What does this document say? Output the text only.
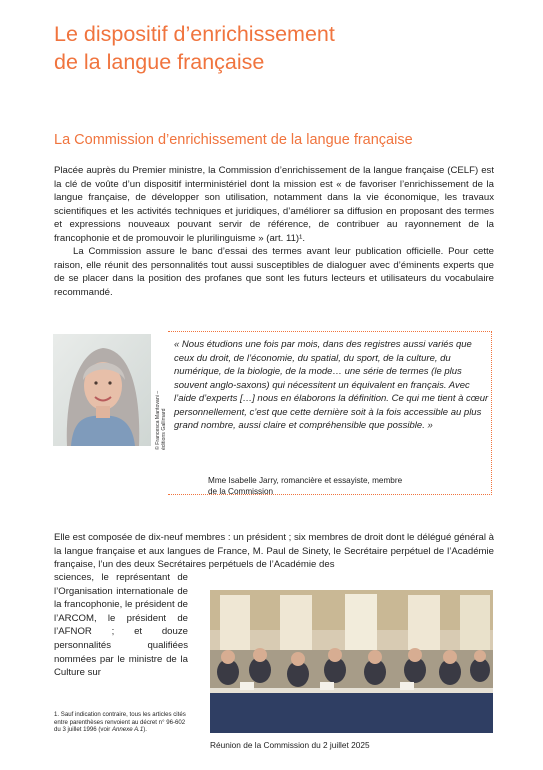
Le dispositif d’enrichissement
de la langue française
La Commission d’enrichissement de la langue française

Placée auprès du Premier ministre, la Commission d’enrichissement de la langue française (CELF) est la clé de voûte d’un dispositif interministériel dont la mission est « de favoriser l’enrichissement de la langue française, de développer son utilisation, notamment dans la vie économique, les travaux scientifiques et les activités techniques et juridiques, d’améliorer sa diffusion en proposant des termes et expressions nouveaux pouvant servir de référence, de contribuer au rayonnement de la francophonie et de promouvoir le plurilinguisme » (art. 11)¹.

La Commission assure le banc d’essai des termes avant leur publication officielle. Pour cette raison, elle réunit des personnalités tout aussi susceptibles de dialoguer avec d’éminents experts que de se placer dans la position des profanes que sont les futurs lecteurs et utilisateurs du vocabulaire recommandé.

© Francesca Mantovani –
éditions Gallimard

« Nous étudions une fois par mois, dans des registres aussi variés que ceux du droit, de l’économie, du spatial, du sport, de la culture, du numérique, de la biologie, de la mode… une série de termes (le plus souvent anglo-saxons) qui nécessitent un équivalent en français. Avec l’aide d’experts […] nous en élaborons la définition. Ce qui me tient à cœur personnellement, c’est que cette dernière soit à la fois accessible au plus grand nombre, aussi claire et compréhensible que possible. »

Mme Isabelle Jarry, romancière et essayiste, membre
de la Commission

Elle est composée de dix-neuf membres : un président ; six membres de droit dont le délégué général à la langue française et aux langues de France, M. Paul de Sinety, le Secrétaire perpétuel de l’Académie française, l’un des deux Secrétaires perpétuels de l’Académie des

sciences, le représentant de l’Organisation internationale de la francophonie, le président de l’ARCOM, le président de l’AFNOR ; et douze personnalités qualifiées nommées par le ministre de la Culture sur

1. Sauf indication contraire, tous les articles cités entre parenthèses renvoient au décret n° 96-602 du 3 juillet 1996 (voir Annexe A.1).

Réunion de la Commission du 2 juillet 2025
